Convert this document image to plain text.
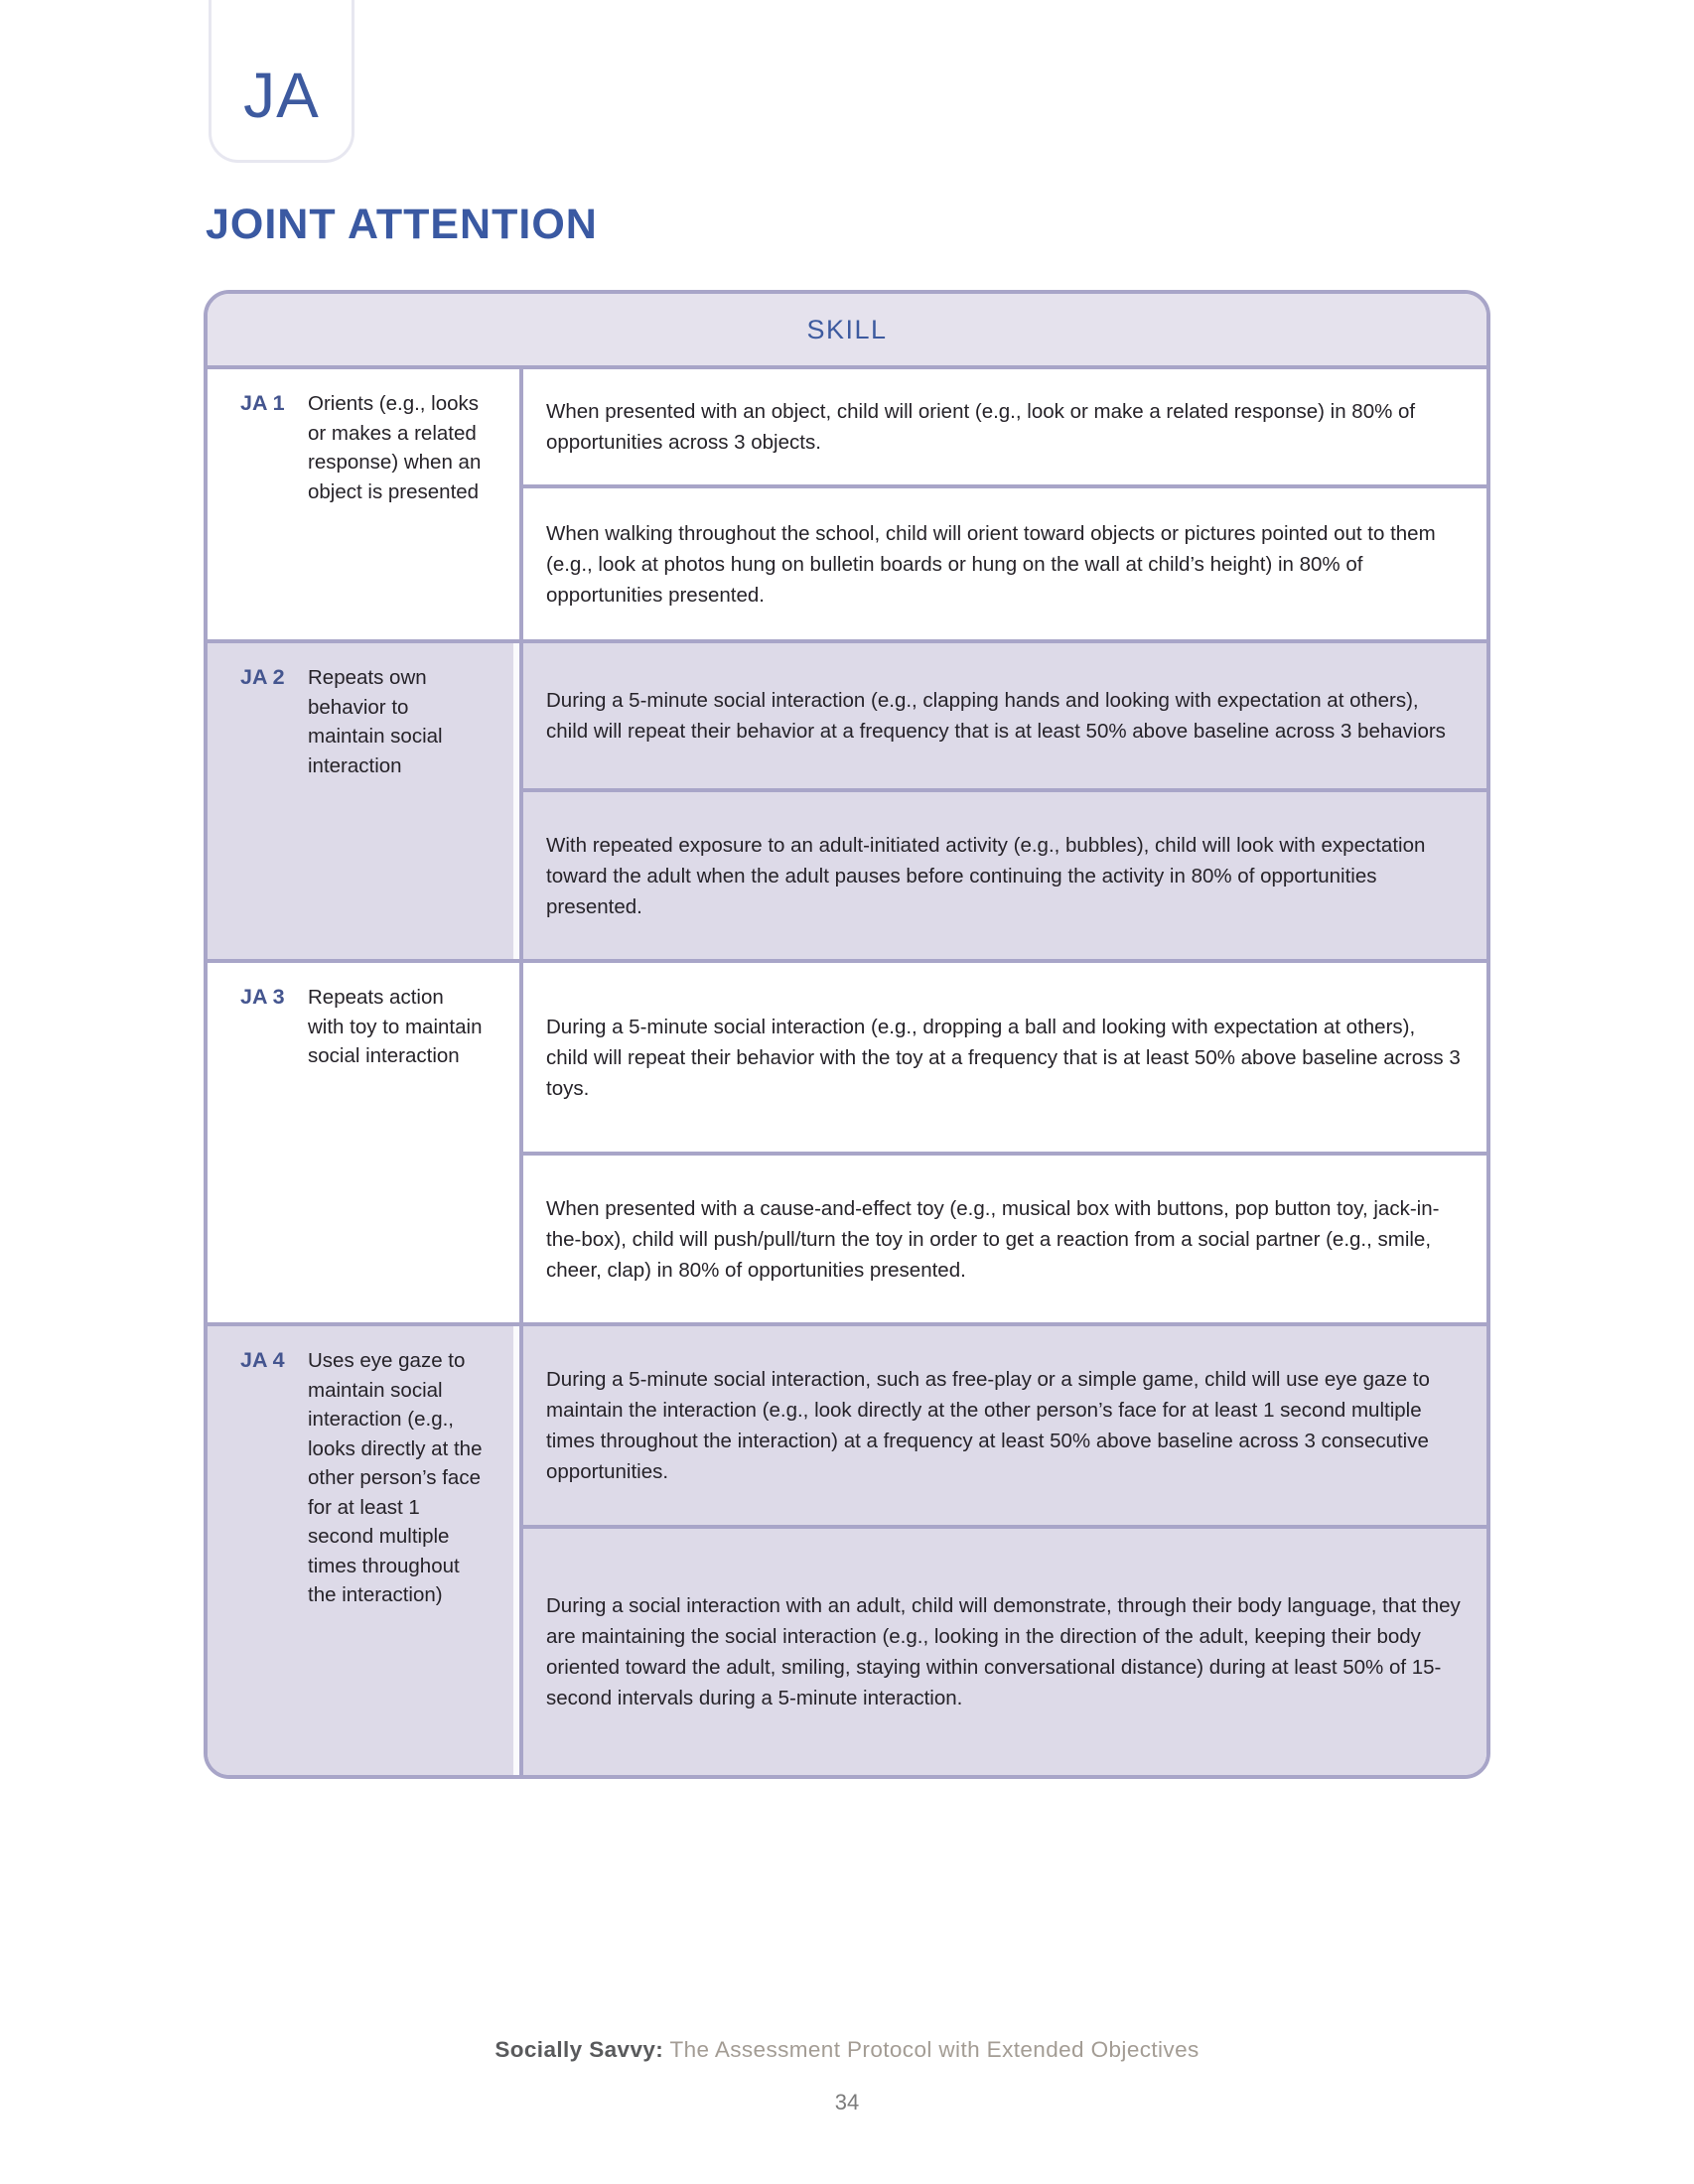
JA
JOINT ATTENTION
SKILL
JA 1 Orients (e.g., looks or makes a related response) when an object is presented

When presented with an object, child will orient (e.g., look or make a related response) in 80% of opportunities across 3 objects.

When walking throughout the school, child will orient toward objects or pictures pointed out to them (e.g., look at photos hung on bulletin boards or hung on the wall at child’s height) in 80% of opportunities presented.

JA 2 Repeats own behavior to maintain social interaction

During a 5-minute social interaction (e.g., clapping hands and looking with expectation at others), child will repeat their behavior at a frequency that is at least 50% above baseline across 3 behaviors

With repeated exposure to an adult-initiated activity (e.g., bubbles), child will look with expectation toward the adult when the adult pauses before continuing the activity in 80% of opportunities presented.

JA 3 Repeats action with toy to maintain social interaction

During a 5-minute social interaction (e.g., dropping a ball and looking with expectation at others), child will repeat their behavior with the toy at a frequency that is at least 50% above baseline across 3 toys.

When presented with a cause-and-effect toy (e.g., musical box with buttons, pop button toy, jack-in-the-box), child will push/pull/turn the toy in order to get a reaction from a social partner (e.g., smile, cheer, clap) in 80% of opportunities presented.

JA 4 Uses eye gaze to maintain social interaction (e.g., looks directly at the other person’s face for at least 1 second multiple times throughout the interaction)

During a 5-minute social interaction, such as free-play or a simple game, child will use eye gaze to maintain the interaction (e.g., look directly at the other person’s face for at least 1 second multiple times throughout the interaction) at a frequency at least 50% above baseline across 3 consecutive opportunities.

During a social interaction with an adult, child will demonstrate, through their body language, that they are maintaining the social interaction (e.g., looking in the direction of the adult, keeping their body oriented toward the adult, smiling, staying within conversational distance) during at least 50% of 15-second intervals during a 5-minute interaction.

Socially Savvy: The Assessment Protocol with Extended Objectives
34
